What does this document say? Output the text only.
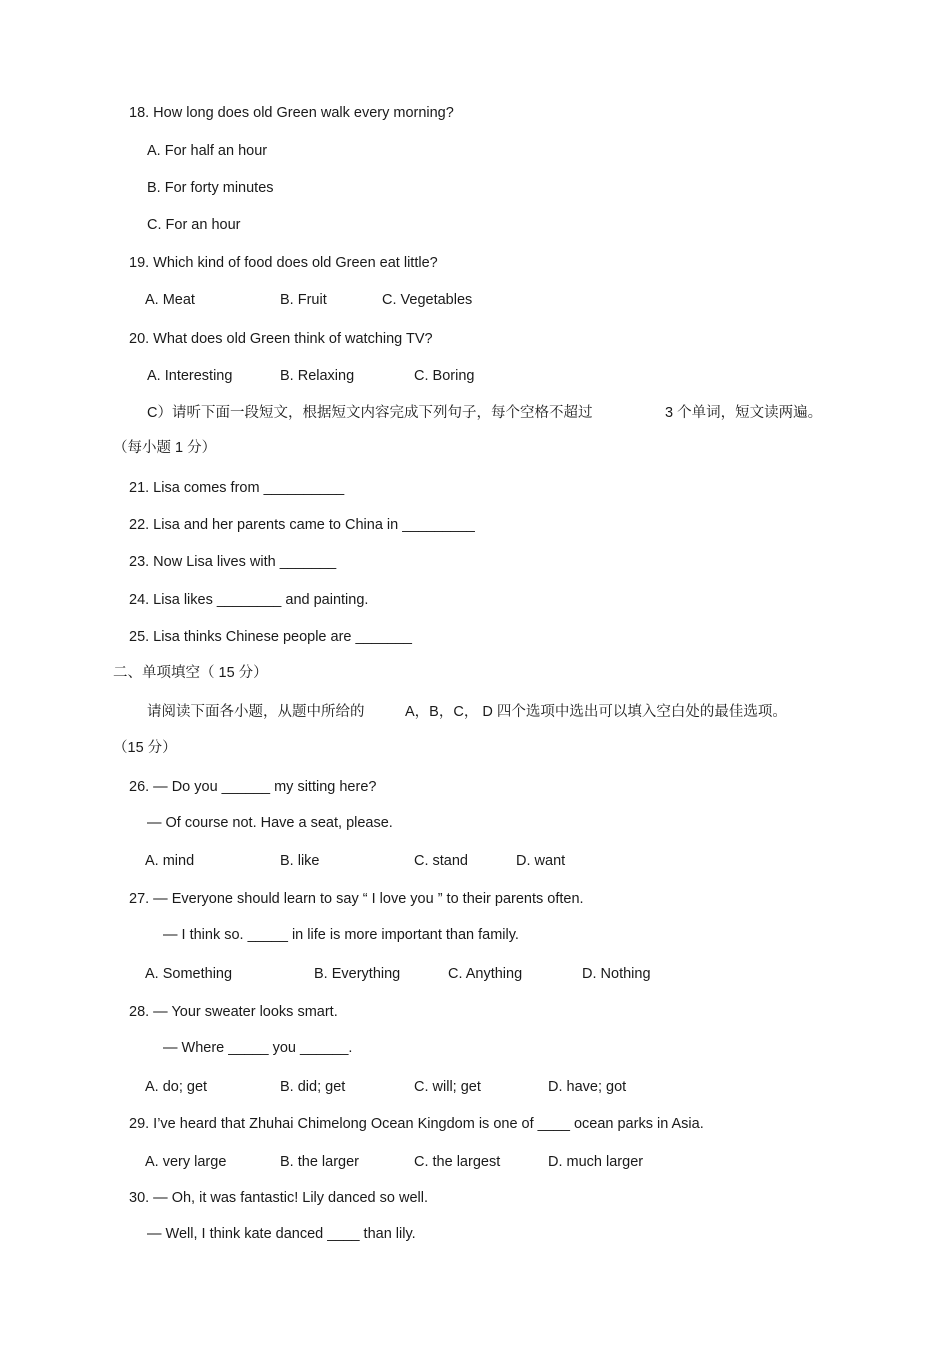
18. How long does old Green walk every morning?
A. For half an hour
B. For forty minutes
C. For an hour
19. Which kind of food does old Green eat little?
A. Meat	B. Fruit	C. Vegetables
20. What does old Green think of watching TV?
A. Interesting	B. Relaxing	C. Boring
C）请听下面一段短文，根据短文内容完成下列句子，每个空格不超过	3 个单词，短文读两遍。
（每小题 1 分）
21. Lisa comes from __________
22. Lisa and her parents came to China in _________
23. Now Lisa lives with _______
24. Lisa likes ________ and painting.
25. Lisa thinks Chinese people are _______
二、单项填空（ 15 分）
请阅读下面各小题，从题中所给的	A，B，C， D 四个选项中选出可以填入空白处的最佳选项。
（15 分）
26. — Do you ______ my sitting here?
— Of course not. Have a seat, please.
A. mind	B. like	C. stand	D. want
27. — Everyone should learn to say “ I love you ” to their parents often.
— I think so. _____ in life is more important than family.
A. Something	B. Everything	C. Anything	D. Nothing
28. — Your sweater looks smart.
— Where _____ you ______.
A. do; get	B. did; get	C. will; get	D. have; got
29. I’ve heard that Zhuhai Chimelong Ocean Kingdom is one of ____ ocean parks in Asia.
A. very large	B. the larger	C. the largest	D. much larger
30. — Oh, it was fantastic! Lily danced so well.
— Well, I think kate danced ____ than lily.
